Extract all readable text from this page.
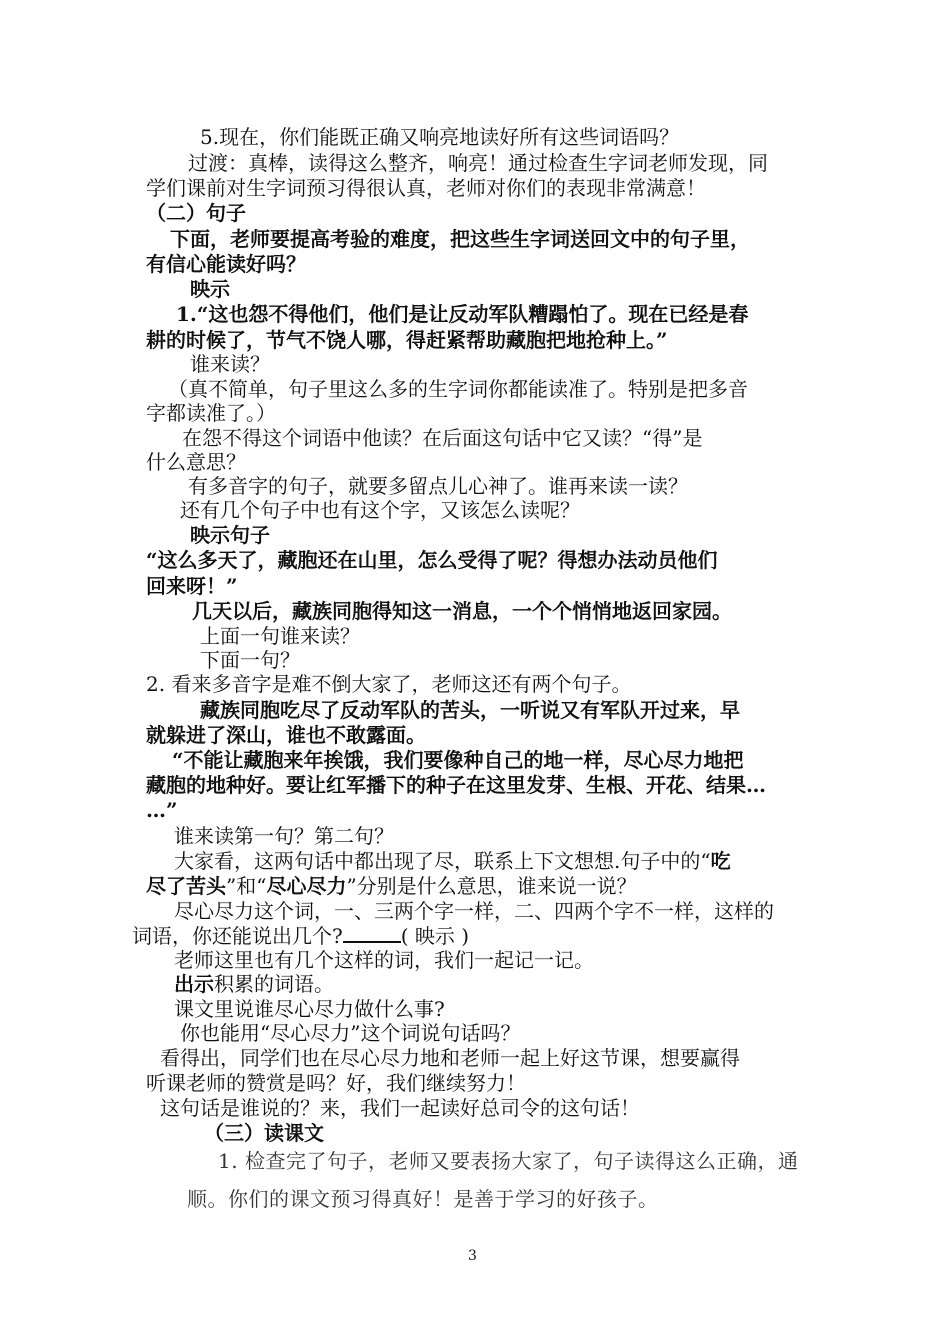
5.现在，你们能既正确又响亮地读好所有这些词语吗？
过渡：真棒，读得这么整齐，响亮！通过检查生字词老师发现，同
学们课前对生字词预习得很认真，老师对你们的表现非常满意！
（二）句子
下面，老师要提高考验的难度，把这些生字词送回文中的句子里，
有信心能读好吗？
映示
1.“这也怨不得他们，他们是让反动军队糟蹋怕了。现在已经是春
耕的时候了，节气不饶人哪，得赶紧帮助藏胞把地抢种上。”
谁来读？
（真不简单，句子里这么多的生字词你都能读准了。特别是把多音
字都读准了。）
在怨不得这个词语中他读？在后面这句话中它又读？“得”是
什么意思？
有多音字的句子，就要多留点儿心神了。谁再来读一读？
还有几个句子中也有这个字，又该怎么读呢？
映示句子
“这么多天了，藏胞还在山里，怎么受得了呢？得想办法动员他们
回来呀！”
几天以后，藏族同胞得知这一消息，一个个悄悄地返回家园。
上面一句谁来读？
下面一句？
2. 看来多音字是难不倒大家了，老师这还有两个句子。
藏族同胞吃尽了反动军队的苦头，一听说又有军队开过来，早
就躲进了深山，谁也不敢露面。
“不能让藏胞来年挨饿，我们要像种自己的地一样，尽心尽力地把
藏胞的地种好。要让红军播下的种子在这里发芽、生根、开花、结果…
…”
谁来读第一句？第二句？
大家看，这两句话中都出现了尽，联系上下文想想.句子中的“吃
尽了苦头”和“尽心尽力”分别是什么意思，谁来说一说？
尽心尽力这个词，一、三两个字一样，二、四两个字不一样，这样的
词语，你还能说出几个?	( 映示 )
老师这里也有几个这样的词，我们一起记一记。
出示积累的词语。
课文里说谁尽心尽力做什么事?
你也能用“尽心尽力”这个词说句话吗？
看得出，同学们也在尽心尽力地和老师一起上好这节课，想要赢得
听课老师的赞赏是吗？好，我们继续努力！
这句话是谁说的？来，我们一起读好总司令的这句话！
（三）读课文
1. 检查完了句子，老师又要表扬大家了，句子读得这么正确，通
顺。你们的课文预习得真好！是善于学习的好孩子。
3
